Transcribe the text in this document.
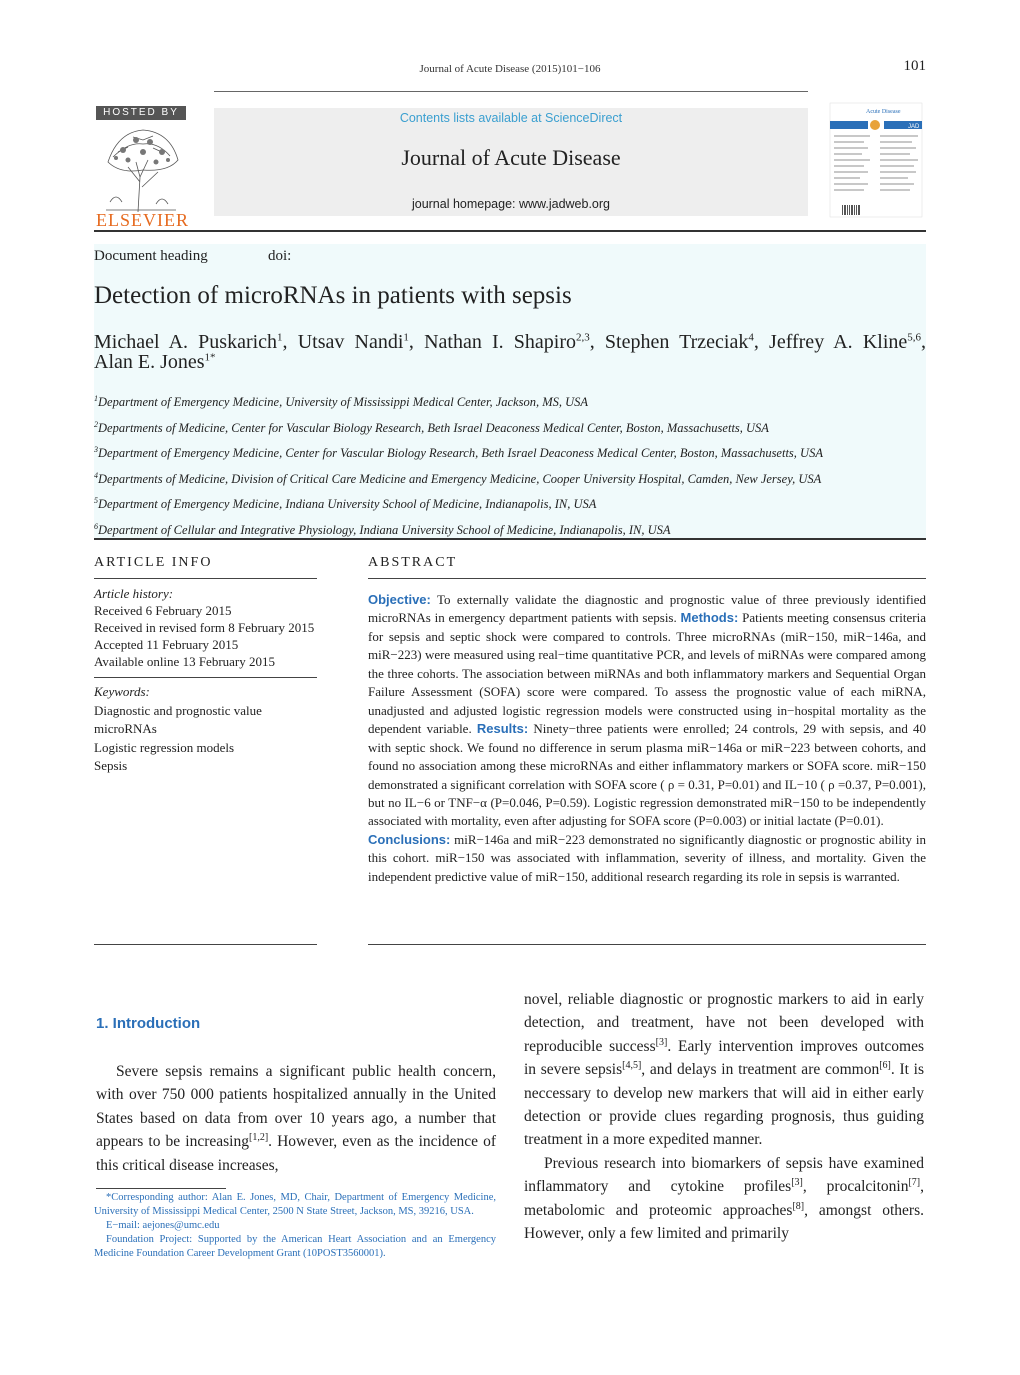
Journal of Acute Disease (2015)101−106	101
HOSTED BY
ELSEVIER
Contents lists available at ScienceDirect
Journal of Acute Disease
journal homepage: www.jadweb.org
Acute Disease
JAD
Document heading	doi:
Detection of microRNAs in patients with sepsis
Michael A. Puskarich$^1$, Utsav Nandi$^1$, Nathan I. Shapiro$^{2,3}$, Stephen Trzeciak$^4$, Jeffrey A. Kline$^{5,6}$,
Alan E. Jones$^{1*}$
$^1$Department of Emergency Medicine, University of Mississippi Medical Center, Jackson, MS, USA
$^2$Departments of Medicine, Center for Vascular Biology Research, Beth Israel Deaconess Medical Center, Boston, Massachusetts, USA
$^3$Department of Emergency Medicine, Center for Vascular Biology Research, Beth Israel Deaconess Medical Center, Boston, Massachusetts, USA
$^4$Departments of Medicine, Division of Critical Care Medicine and Emergency Medicine, Cooper University Hospital, Camden, New Jersey, USA
$^5$Department of Emergency Medicine, Indiana University School of Medicine, Indianapolis, IN, USA
$^6$Department of Cellular and Integrative Physiology, Indiana University School of Medicine, Indianapolis, IN, USA
ARTICLE INFO
Article history:
Received 6 February 2015
Received in revised form 8 February 2015
Accepted 11 February 2015
Available online 13 February 2015
Keywords:
Diagnostic and prognostic value
microRNAs
Logistic regression models
Sepsis
ABSTRACT
Objective: To externally validate the diagnostic and prognostic value of three previously identified microRNAs in emergency department patients with sepsis. Methods: Patients meeting consensus criteria for sepsis and septic shock were compared to controls. Three microRNAs (miR−150, miR−146a, and miR−223) were measured using real−time quantitative PCR, and levels of miRNAs were compared among the three cohorts. The association between miRNAs and both inflammatory markers and Sequential Organ Failure Assessment (SOFA) score were compared. To assess the prognostic value of each miRNA, unadjusted and adjusted logistic regression models were constructed using in−hospital mortality as the dependent variable. Results: Ninety−three patients were enrolled; 24 controls, 29 with sepsis, and 40 with septic shock. We found no difference in serum plasma miR−146a or miR−223 between cohorts, and found no association among these microRNAs and either inflammatory markers or SOFA score. miR−150 demonstrated a significant correlation with SOFA score ( ρ = 0.31, P=0.01) and IL−10 ( ρ =0.37, P=0.001), but no IL−6 or TNF−α (P=0.046, P=0.59). Logistic regression demonstrated miR−150 to be independently associated with mortality, even after adjusting for SOFA score (P=0.003) or initial lactate (P=0.01).
Conclusions: miR−146a and miR−223 demonstrated no significantly diagnostic or prognostic ability in this cohort. miR−150 was associated with inflammation, severity of illness, and mortality. Given the independent predictive value of miR−150, additional research regarding its role in sepsis is warranted.
1. Introduction

Severe sepsis remains a significant public health concern, with over 750 000 patients hospitalized annually in the United States based on data from over 10 years ago, a number that appears to be increasing[1,2]. However, even as the incidence of this critical disease increases,

novel, reliable diagnostic or prognostic markers to aid in early detection, and treatment, have not been developed with reproducible success[3]. Early intervention improves outcomes in severe sepsis[4,5], and delays in treatment are common[6]. It is neccessary to develop new markers that will aid in either early detection or provide clues regarding prognosis, thus guiding treatment in a more expedited manner.

Previous research into biomarkers of sepsis have examined inflammatory and cytokine profiles[3], procalcitonin[7], metabolomic and proteomic approaches[8], amongst others. However, only a few limited and primarily

*Corresponding author: Alan E. Jones, MD, Chair, Department of Emergency Medicine, University of Mississippi Medical Center, 2500 N State Street, Jackson, MS, 39216, USA.

E−mail: aejones@umc.edu

Foundation Project: Supported by the American Heart Association and an Emergency Medicine Foundation Career Development Grant (10POST3560001).
